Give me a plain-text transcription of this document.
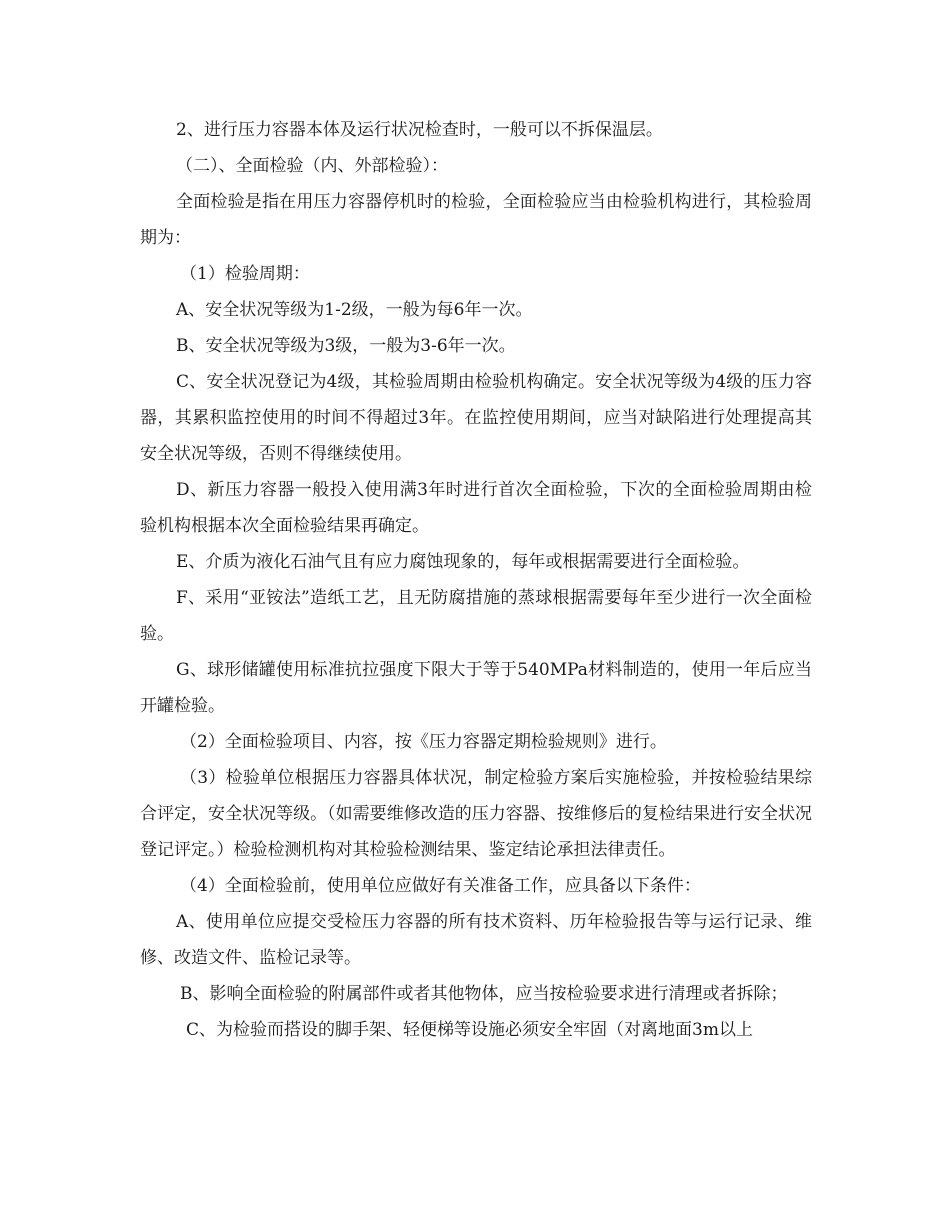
2、进行压力容器本体及运行状况检查时，一般可以不拆保温层。

（二）、全面检验（内、外部检验）：

全面检验是指在用压力容器停机时的检验，全面检验应当由检验机构进行，其检验周期为：

（1）检验周期：

A、安全状况等级为1-2级，一般为每6年一次。

B、安全状况等级为3级，一般为3-6年一次。

C、安全状况登记为4级，其检验周期由检验机构确定。安全状况等级为4级的压力容器，其累积监控使用的时间不得超过3年。在监控使用期间，应当对缺陷进行处理提高其安全状况等级，否则不得继续使用。

D、新压力容器一般投入使用满3年时进行首次全面检验，下次的全面检验周期由检验机构根据本次全面检验结果再确定。

E、介质为液化石油气且有应力腐蚀现象的，每年或根据需要进行全面检验。

F、采用“亚铵法”造纸工艺，且无防腐措施的蒸球根据需要每年至少进行一次全面检验。

G、球形储罐使用标准抗拉强度下限大于等于540MPa材料制造的，使用一年后应当开罐检验。

（2）全面检验项目、内容，按《压力容器定期检验规则》进行。

（3）检验单位根据压力容器具体状况，制定检验方案后实施检验，并按检验结果综合评定，安全状况等级。（如需要维修改造的压力容器、按维修后的复检结果进行安全状况登记评定。）检验检测机构对其检验检测结果、鉴定结论承担法律责任。

（4）全面检验前，使用单位应做好有关准备工作，应具备以下条件：

A、使用单位应提交受检压力容器的所有技术资料、历年检验报告等与运行记录、维修、改造文件、监检记录等。

B、影响全面检验的附属部件或者其他物体，应当按检验要求进行清理或者拆除；

C、为检验而搭设的脚手架、轻便梯等设施必须安全牢固（对离地面3m以上
